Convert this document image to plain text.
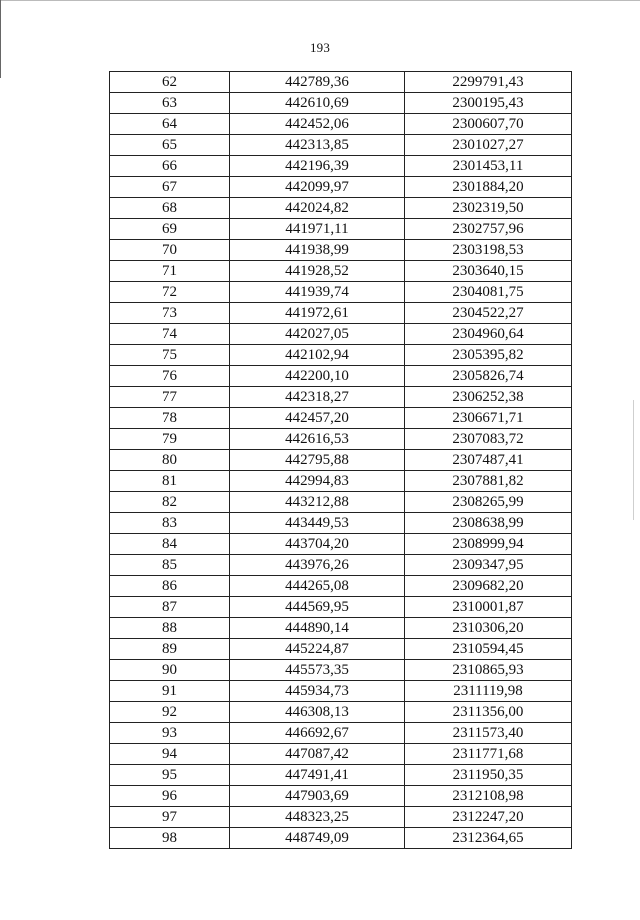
193
62	442789,36	2299791,43
63	442610,69	2300195,43
64	442452,06	2300607,70
65	442313,85	2301027,27
66	442196,39	2301453,11
67	442099,97	2301884,20
68	442024,82	2302319,50
69	441971,11	2302757,96
70	441938,99	2303198,53
71	441928,52	2303640,15
72	441939,74	2304081,75
73	441972,61	2304522,27
74	442027,05	2304960,64
75	442102,94	2305395,82
76	442200,10	2305826,74
77	442318,27	2306252,38
78	442457,20	2306671,71
79	442616,53	2307083,72
80	442795,88	2307487,41
81	442994,83	2307881,82
82	443212,88	2308265,99
83	443449,53	2308638,99
84	443704,20	2308999,94
85	443976,26	2309347,95
86	444265,08	2309682,20
87	444569,95	2310001,87
88	444890,14	2310306,20
89	445224,87	2310594,45
90	445573,35	2310865,93
91	445934,73	2311119,98
92	446308,13	2311356,00
93	446692,67	2311573,40
94	447087,42	2311771,68
95	447491,41	2311950,35
96	447903,69	2312108,98
97	448323,25	2312247,20
98	448749,09	2312364,65
